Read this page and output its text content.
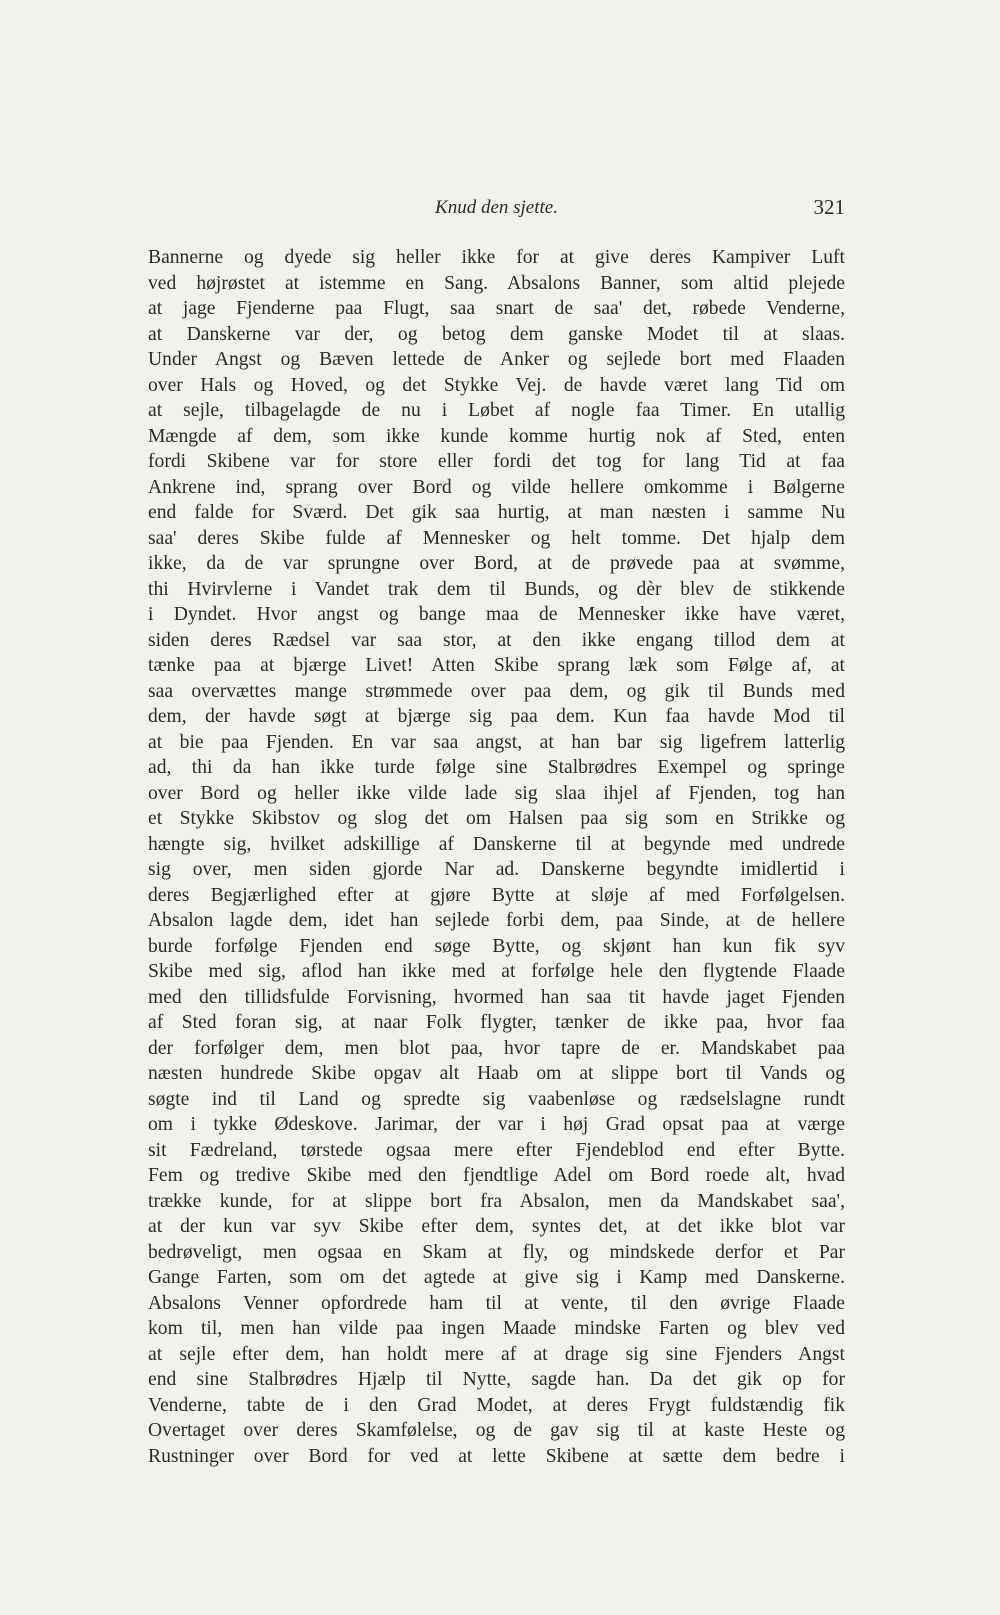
Knud den sjette.	321
Bannerne og dyede sig heller ikke for at give deres Kampiver Luft
ved højrøstet at istemme en Sang. Absalons Banner, som altid plejede
at jage Fjenderne paa Flugt, saa snart de saa' det, røbede Venderne,
at Danskerne var der, og betog dem ganske Modet til at slaas.
Under Angst og Bæven lettede de Anker og sejlede bort med Flaaden
over Hals og Hoved, og det Stykke Vej. de havde været lang Tid om
at sejle, tilbagelagde de nu i Løbet af nogle faa Timer. En utallig
Mængde af dem, som ikke kunde komme hurtig nok af Sted, enten
fordi Skibene var for store eller fordi det tog for lang Tid at faa
Ankrene ind, sprang over Bord og vilde hellere omkomme i Bølgerne
end falde for Sværd. Det gik saa hurtig, at man næsten i samme Nu
saa' deres Skibe fulde af Mennesker og helt tomme. Det hjalp dem
ikke, da de var sprungne over Bord, at de prøvede paa at svømme,
thi Hvirvlerne i Vandet trak dem til Bunds, og dèr blev de stikkende
i Dyndet. Hvor angst og bange maa de Mennesker ikke have været,
siden deres Rædsel var saa stor, at den ikke engang tillod dem at
tænke paa at bjærge Livet! Atten Skibe sprang læk som Følge af, at
saa overvættes mange strømmede over paa dem, og gik til Bunds med
dem, der havde søgt at bjærge sig paa dem. Kun faa havde Mod til
at bie paa Fjenden. En var saa angst, at han bar sig ligefrem latterlig
ad, thi da han ikke turde følge sine Stalbrødres Exempel og springe
over Bord og heller ikke vilde lade sig slaa ihjel af Fjenden, tog han
et Stykke Skibstov og slog det om Halsen paa sig som en Strikke og
hængte sig, hvilket adskillige af Danskerne til at begynde med undrede
sig over, men siden gjorde Nar ad. Danskerne begyndte imidlertid i
deres Begjærlighed efter at gjøre Bytte at sløje af med Forfølgelsen.
Absalon lagde dem, idet han sejlede forbi dem, paa Sinde, at de hellere
burde forfølge Fjenden end søge Bytte, og skjønt han kun fik syv
Skibe med sig, aflod han ikke med at forfølge hele den flygtende Flaade
med den tillidsfulde Forvisning, hvormed han saa tit havde jaget Fjenden
af Sted foran sig, at naar Folk flygter, tænker de ikke paa, hvor faa
der forfølger dem, men blot paa, hvor tapre de er. Mandskabet paa
næsten hundrede Skibe opgav alt Haab om at slippe bort til Vands og
søgte ind til Land og spredte sig vaabenløse og rædselslagne rundt
om i tykke Ødeskove. Jarimar, der var i høj Grad opsat paa at værge
sit Fædreland, tørstede ogsaa mere efter Fjendeblod end efter Bytte.
Fem og tredive Skibe med den fjendtlige Adel om Bord roede alt, hvad
trække kunde, for at slippe bort fra Absalon, men da Mandskabet saa',
at der kun var syv Skibe efter dem, syntes det, at det ikke blot var
bedrøveligt, men ogsaa en Skam at fly, og mindskede derfor et Par
Gange Farten, som om det agtede at give sig i Kamp med Danskerne.
Absalons Venner opfordrede ham til at vente, til den øvrige Flaade
kom til, men han vilde paa ingen Maade mindske Farten og blev ved
at sejle efter dem, han holdt mere af at drage sig sine Fjenders Angst
end sine Stalbrødres Hjælp til Nytte, sagde han. Da det gik op for
Venderne, tabte de i den Grad Modet, at deres Frygt fuldstændig fik
Overtaget over deres Skamfølelse, og de gav sig til at kaste Heste og
Rustninger over Bord for ved at lette Skibene at sætte dem bedre i
